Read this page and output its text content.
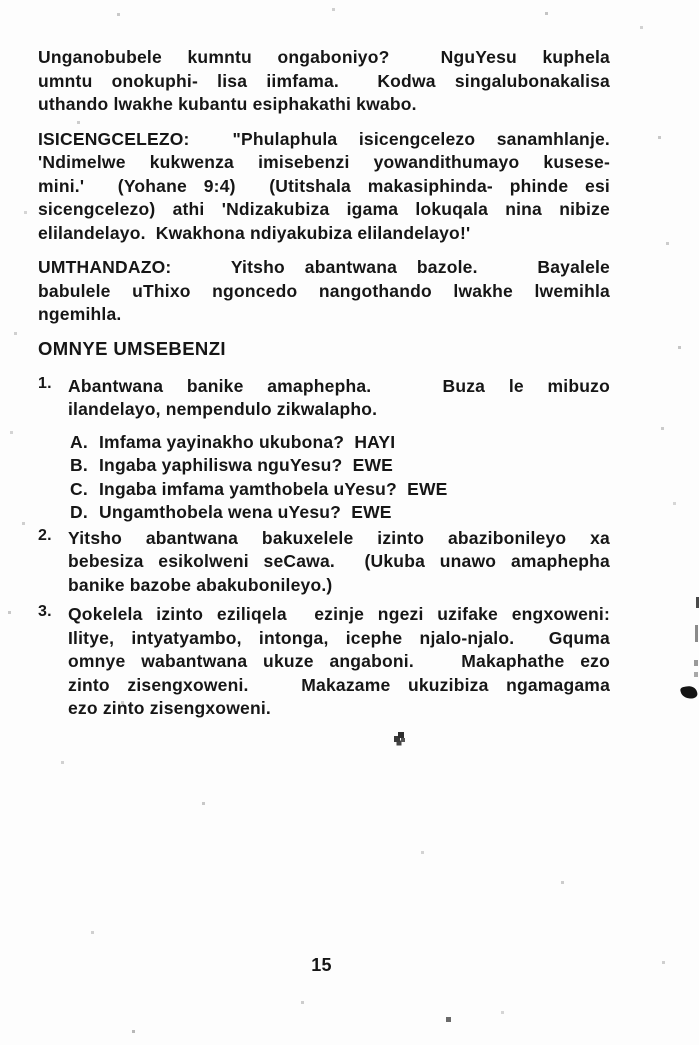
Unganobubele kumntu ongaboniyo?  NguYesu kuphela
umntu onokuphi- lisa iimfama.  Kodwa singalubonakalisa
uthando lwakhe kubantu esiphakathi kwabo.
ISICENGCELEZO:  "Phulaphula isicengcelezo sanamhlanje.
'Ndimelwe kukwenza imisebenzi yowandithumayo kusese-
mini.'  (Yohane 9:4)  (Utitshala makasiphinda- phinde esi
sicengcelezo) athi 'Ndizakubiza igama lokuqala nina nibize
elilandelayo.  Kwakhona ndiyakubiza elilandelayo!'
UMTHANDAZO:   Yitsho abantwana bazole.   Bayalele
babulele uThixo ngoncedo nangothando lwakhe lwemihla
ngemihla.
OMNYE UMSEBENZI
1. Abantwana banike amaphepha.   Buza le mibuzo
ilandelayo, nempendulo zikwalapho.
A. Imfama yayinakho ukubona?  HAYI
B. Ingaba yaphiliswa nguYesu?  EWE
C. Ingaba imfama yamthobela uYesu?  EWE
D. Ungamthobela wena uYesu?  EWE
2. Yitsho abantwana bakuxelele izinto abazibonileyo xa
bebesiza esikolweni seCawa.  (Ukuba unawo amaphepha
banike bazobe abakubonileyo.)
3. Qokelela izinto eziliqela  ezinje ngezi uzifake engxoweni:
Ilitye, intyatyambo, intonga, icephe njalo-njalo.  Gquma
omnye wabantwana ukuze angaboni.   Makaphathe ezo
zinto zisengxoweni.   Makazame ukuzibiza ngamagama
ezo zinto zisengxoweni.
15
